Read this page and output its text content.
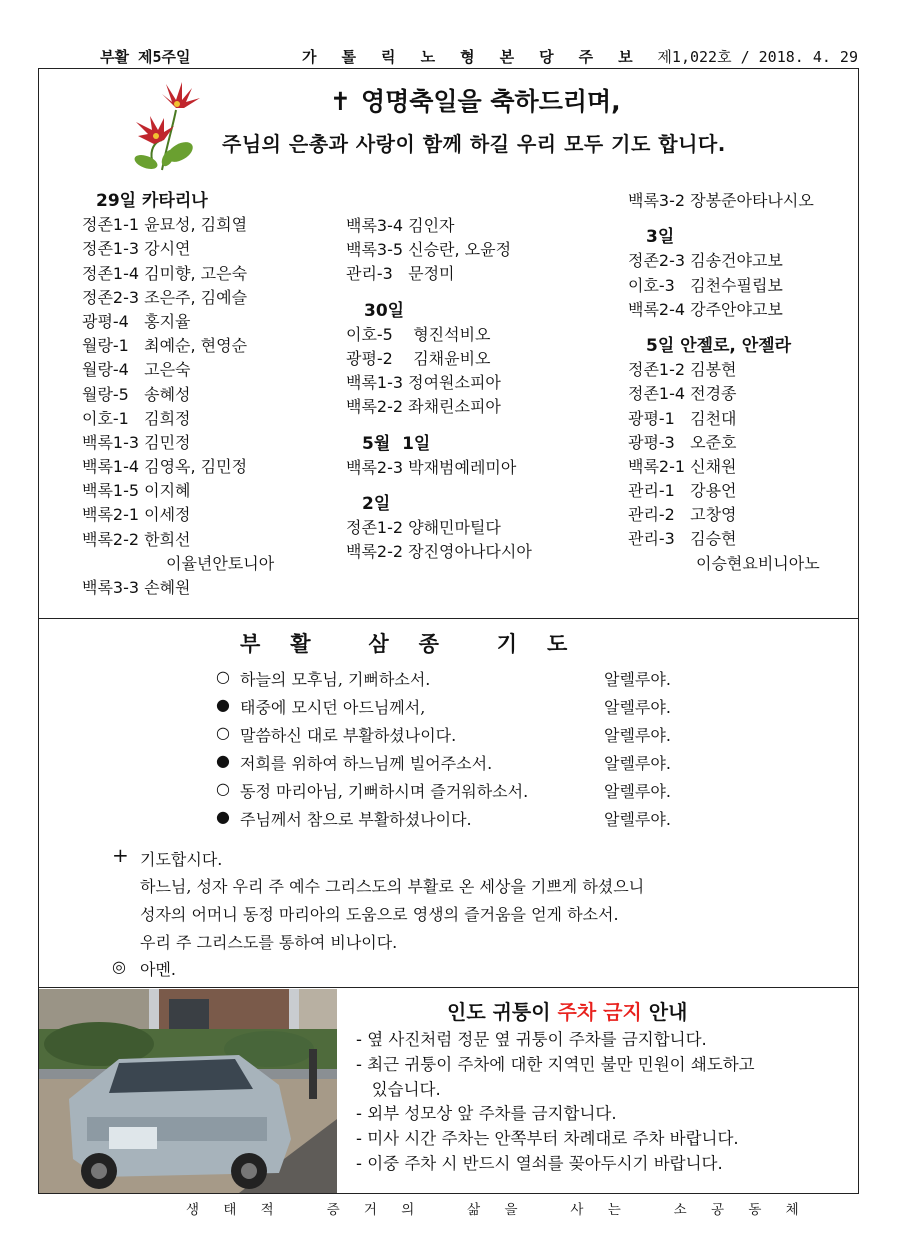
부활 제5주일	가 톨 릭 노 형 본 당 주 보 제1,022호 / 2018. 4. 29
✝ 영명축일을 축하드리며,
주님의 은총과 사랑이 함께 하길 우리 모두 기도 합니다.
29일 카타리나
정존1-1 윤묘성, 김희열
정존1-3 강시연
정존1-4 김미향, 고은숙
정존2-3 조은주, 김예슬
광평-4   홍지율
월랑-1   최예순, 현영순
월랑-4   고은숙
월랑-5   송혜성
이호-1   김희정
백록1-3 김민정
백록1-4 김영옥, 김민정
백록1-5 이지혜
백록2-1 이세정
백록2-2 한희선
이율년안토니아
백록3-3 손혜원
백록3-4 김인자
백록3-5 신승란, 오윤정
관리-3   문정미
30일
이호-5    형진석비오
광평-2    김채윤비오
백록1-3 정여원소피아
백록2-2 좌채린소피아
5월  1일
백록2-3 박재범예레미아
2일
정존1-2 양해민마틸다
백록2-2 장진영아나다시아
백록3-2 장봉준아타나시오
3일
정존2-3 김송건야고보
이호-3   김천수필립보
백록2-4 강주안야고보
5일 안젤로, 안젤라
정존1-2 김봉현
정존1-4 전경종
광평-1   김천대
광평-3   오준호
백록2-1 신채원
관리-1   강용언
관리-2   고창영
관리-3   김승현
이승현요비니아노
부   활      삼   종      기   도
○ 하늘의 모후님, 기뻐하소서.	알렐루야.
● 태중에 모시던 아드님께서,	알렐루야.
○ 말씀하신 대로 부활하셨나이다.	알렐루야.
● 저희를 위하여 하느님께 빌어주소서.	알렐루야.
○ 동정 마리아님, 기뻐하시며 즐거워하소서.	알렐루야.
● 주님께서 참으로 부활하셨나이다.	알렐루야.
+ 기도합시다.
하느님, 성자 우리 주 예수 그리스도의 부활로 온 세상을 기쁘게 하셨으니
성자의 어머니 동정 마리아의 도움으로 영생의 즐거움을 얻게 하소서.
우리 주 그리스도를 통하여 비나이다.
◎ 아멘.
인도 귀퉁이 주차 금지 안내
- 옆 사진처럼 정문 옆 귀퉁이 주차를 금지합니다.
- 최근 귀퉁이 주차에 대한 지역민 불만 민원이 쇄도하고
있습니다.
- 외부 성모상 앞 주차를 금지합니다.
- 미사 시간 주차는 안쪽부터 차례대로 주차 바랍니다.
- 이중 주차 시 반드시 열쇠를 꽂아두시기 바랍니다.
생 태 적   증 거 의   삶 을   사 는   소 공 동 체
